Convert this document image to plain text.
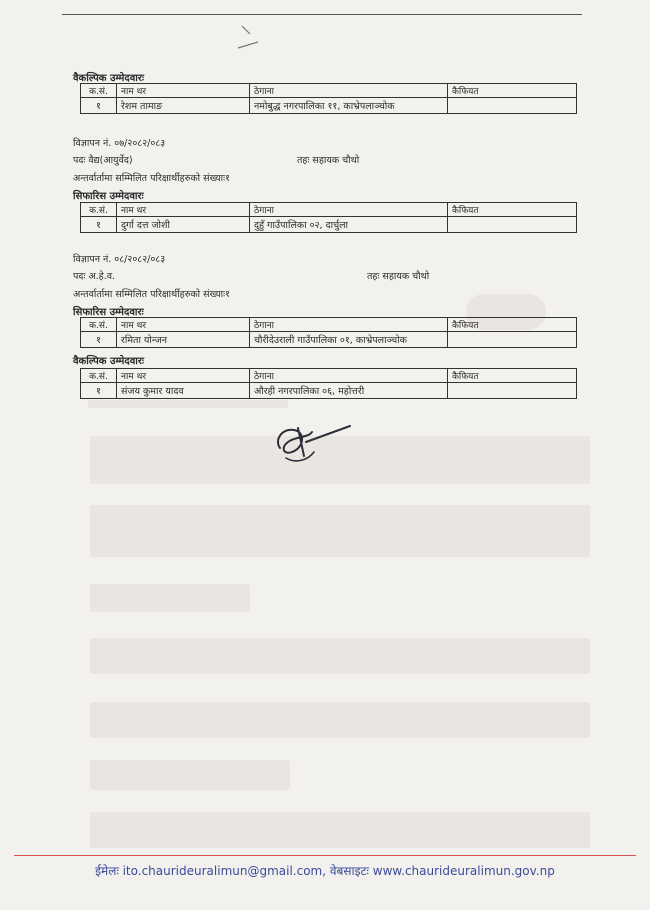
वैकल्पिक उम्मेदवारः
क.सं.	नाम थर	ठेगाना	कैफियत
१	रेशम तामाङ	नमोबुद्ध नगरपालिका ११, काभ्रेपलाञ्चोक	
विज्ञापन नं. ०७/२०८२/०८३
पदः वैद्य(आयुर्वेद)	तहः सहायक चौथो
अन्तर्वार्तामा सम्मिलित परिक्षार्थीहरुको संख्याः१
सिफारिस उम्मेदवारः
क.सं.	नाम थर	ठेगाना	कैफियत
१	दुर्गा दत्त जोशी	दुहुँ गाउँपालिका ०२, दार्चुला	
विज्ञापन नं. ०८/२०८२/०८३
पदः अ.हे.व.	तहः सहायक चौथो
अन्तर्वार्तामा सम्मिलित परिक्षार्थीहरुको संख्याः१
सिफारिस उम्मेदवारः
क.सं.	नाम थर	ठेगाना	कैफियत
१	रमिता योन्जन	चौरीदेउराली गाउँपालिका ०१, काभ्रेपलाञ्चोक	
वैकल्पिक उम्मेदवारः
क.सं.	नाम थर	ठेगाना	कैफियत
१	संजय कुमार यादव	औरही नगरपालिका ०६, महोत्तरी	
ईमेलः ito.chaurideuralimun@gmail.com, वेबसाइटः www.chaurideuralimun.gov.np
